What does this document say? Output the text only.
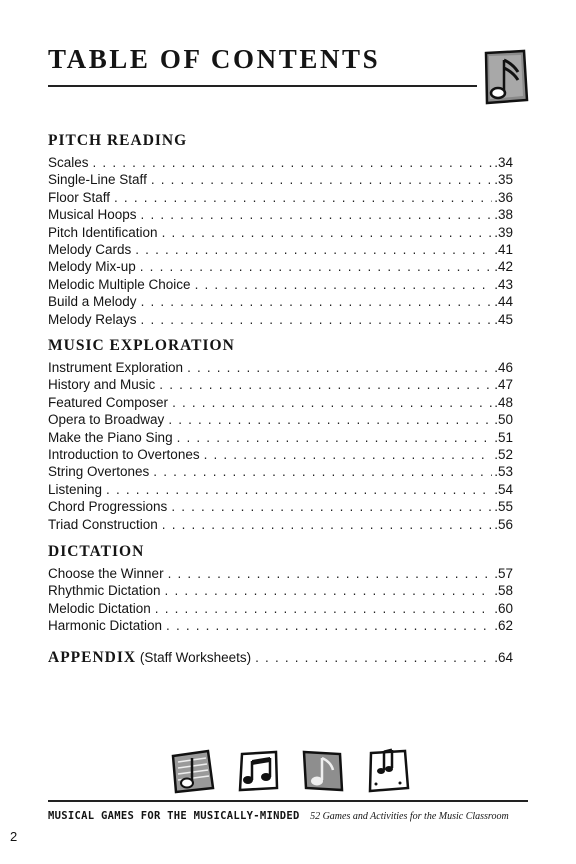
TABLE OF CONTENTS
PITCH READING
Scales . . .	.34
Single-Line Staff . . .	.35
Floor Staff . . .	.36
Musical Hoops . . .	.38
Pitch Identification . . .	.39
Melody Cards . . .	.41
Melody Mix-up . . .	.42
Melodic Multiple Choice . . .	.43
Build a Melody . . .	.44
Melody Relays . . .	.45
MUSIC EXPLORATION
Instrument Exploration . . .	.46
History and Music . . .	.47
Featured Composer . . .	.48
Opera to Broadway . . .	.50
Make the Piano Sing . . .	.51
Introduction to Overtones . . .	.52
String Overtones . . .	.53
Listening . . .	.54
Chord Progressions . . .	.55
Triad Construction . . .	.56
DICTATION
Choose the Winner . . .	.57
Rhythmic Dictation . . .	.58
Melodic Dictation . . .	.60
Harmonic Dictation . . .	.62
APPENDIX (Staff Worksheets) . . .	.64
MUSICAL GAMES FOR THE MUSICALLY-MINDED 52 Games and Activities for the Music Classroom
2
